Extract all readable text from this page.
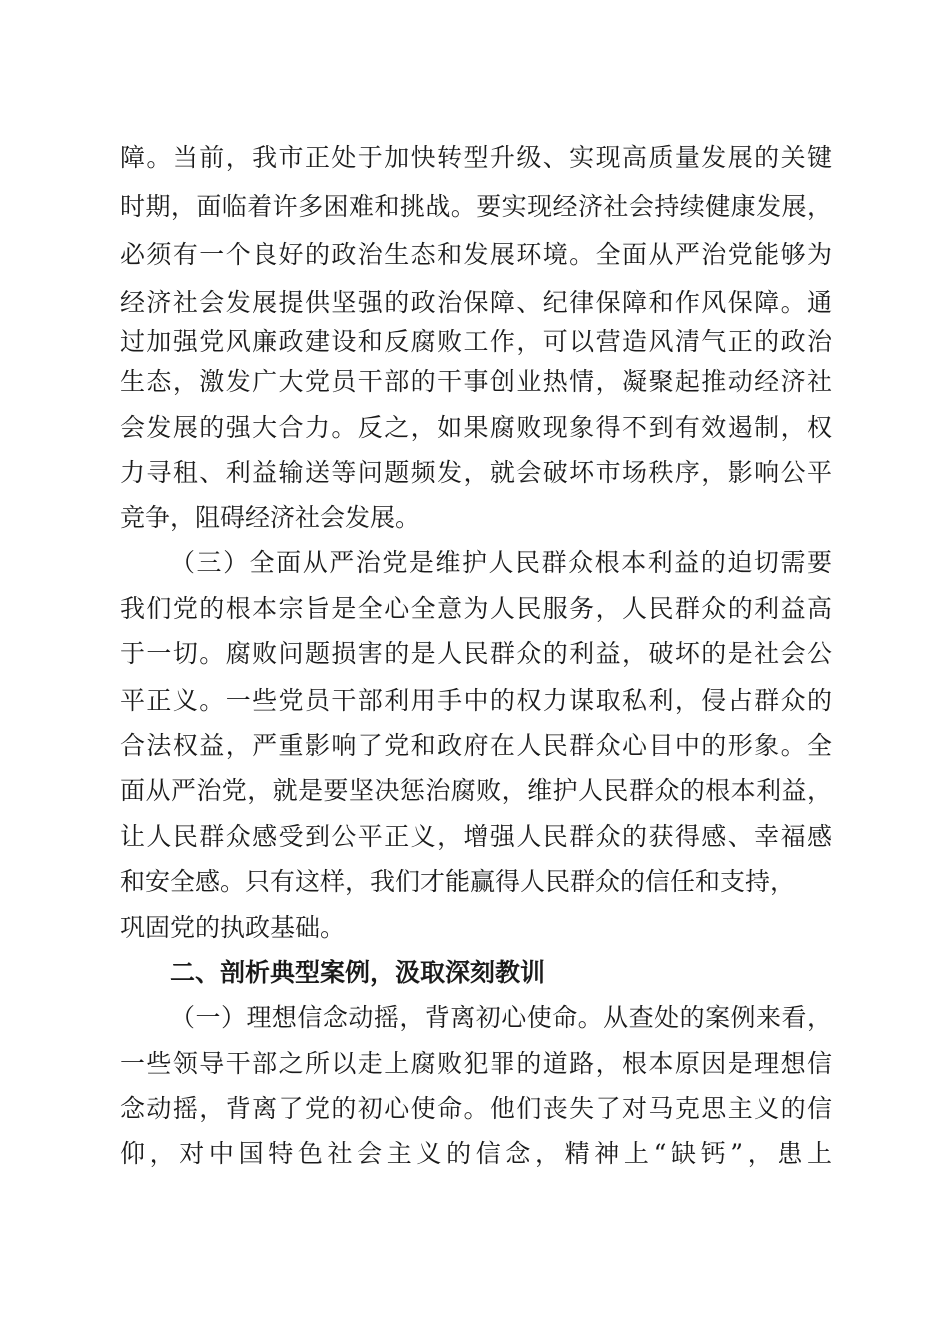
障。当前，我市正处于加快转型升级、实现高质量发展的关键
时期，面临着许多困难和挑战。要实现经济社会持续健康发展，
必须有一个良好的政治生态和发展环境。全面从严治党能够为
经济社会发展提供坚强的政治保障、纪律保障和作风保障。通
过加强党风廉政建设和反腐败工作，可以营造风清气正的政治
生态，激发广大党员干部的干事创业热情，凝聚起推动经济社
会发展的强大合力。反之，如果腐败现象得不到有效遏制，权
力寻租、利益输送等问题频发，就会破坏市场秩序，影响公平
竞争，阻碍经济社会发展。
（三）全面从严治党是维护人民群众根本利益的迫切需要
我们党的根本宗旨是全心全意为人民服务，人民群众的利益高
于一切。腐败问题损害的是人民群众的利益，破坏的是社会公
平正义。一些党员干部利用手中的权力谋取私利，侵占群众的
合法权益，严重影响了党和政府在人民群众心目中的形象。全
面从严治党，就是要坚决惩治腐败，维护人民群众的根本利益，
让人民群众感受到公平正义，增强人民群众的获得感、幸福感
和安全感。只有这样，我们才能赢得人民群众的信任和支持，
巩固党的执政基础。
二、剖析典型案例，汲取深刻教训
（一）理想信念动摇，背离初心使命。从查处的案例来看，
一些领导干部之所以走上腐败犯罪的道路，根本原因是理想信
念动摇，背离了党的初心使命。他们丧失了对马克思主义的信
仰，对中国特色社会主义的信念，精神上“缺钙”，患上
